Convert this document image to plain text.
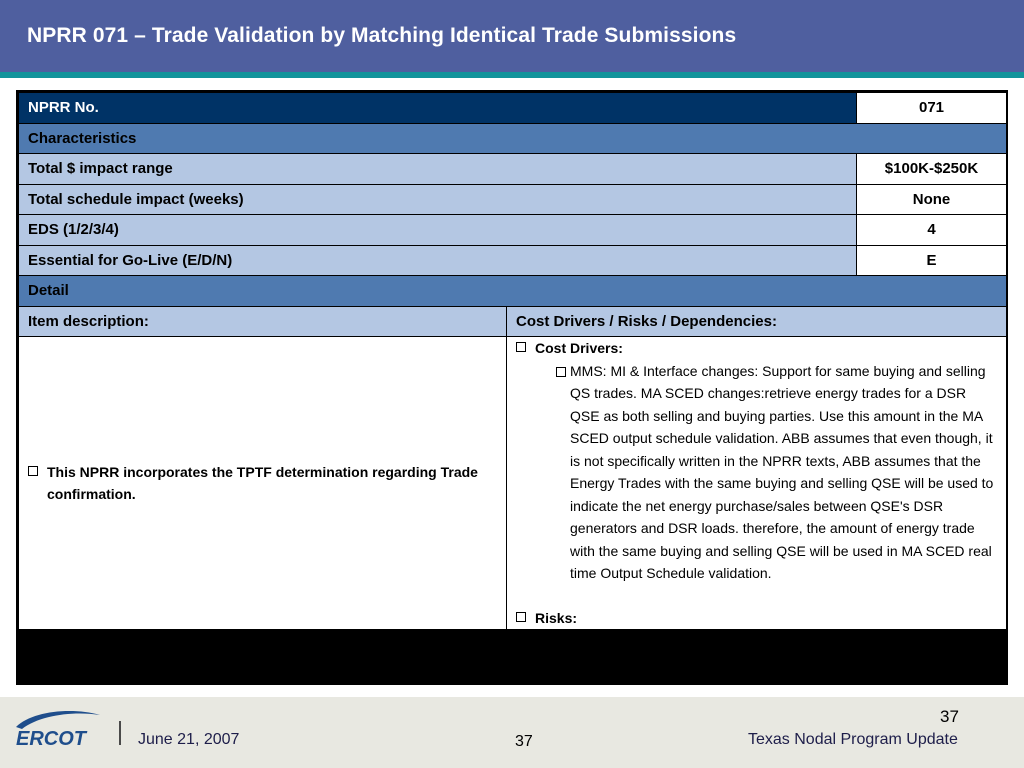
NPRR 071 – Trade Validation by Matching Identical Trade Submissions
NPRR No.		071
Characteristics		
Total $ impact range		$100K-$250K
Total schedule impact (weeks)		None
EDS (1/2/3/4)		4
Essential for Go-Live (E/D/N)		E
Detail		
Item description:	Cost Drivers / Risks / Dependencies:	

This NPRR incorporates the TPTF determination regarding Trade confirmation.	Cost Drivers:
MMS: MI & Interface changes: Support for same buying and selling QS trades. MA SCED changes:retrieve energy trades for a DSR QSE as both selling and buying parties. Use this amount in the MA SCED output schedule validation. ABB assumes that even though, it is not specifically written in the NPRR texts, ABB assumes that the Energy Trades with the same buying and selling QSE will be used to indicate the net energy purchase/sales between QSE's DSR generators and DSR loads. therefore, the amount of energy trade with the same buying and selling QSE will be used in MA SCED real time Output Schedule validation.
Risks:	
ERCOT	June 21, 2007	37
37
Texas Nodal Program Update
